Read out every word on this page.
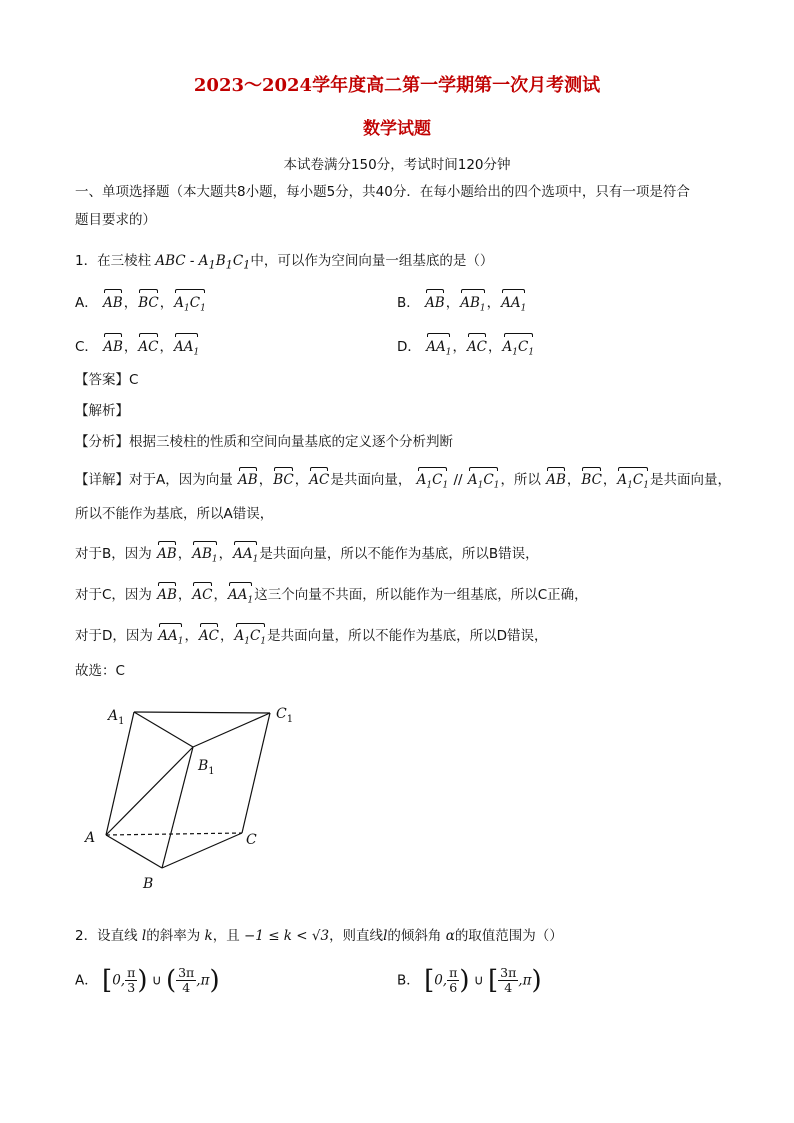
2023～2024学年度高二第一学期第一次月考测试
数学试题
本试卷满分150分，考试时间120分钟
一、单项选择题（本大题共8小题，每小题5分，共40分．在每小题给出的四个选项中，只有一项是符合
题目要求的）
1．在三棱柱 ABC - $A_1B_1C_1$中，可以作为空间向量一组基底的是（）
A． AB，BC，$A_1C_1$	B． AB，$AB_1$，$AA_1$
C． AB，AC，$AA_1$	D． $AA_1$，AC，$A_1C_1$
【答案】C
【解析】
【分析】根据三棱柱的性质和空间向量基底的定义逐个分析判断
【详解】对于A，因为向量 AB，BC，AC是共面向量， $A_1C_1 // A_1C_1$，所以 AB，BC，$A_1C_1$是共面向量，
所以不能作为基底，所以A错误，
对于B，因为 AB，$AB_1$，$AA_1$是共面向量，所以不能作为基底，所以B错误，
对于C，因为 AB，AC，$AA_1$这三个向量不共面，所以能作为一组基底，所以C正确，
对于D，因为 $AA_1$，AC，$A_1C_1$是共面向量，所以不能作为基底，所以D错误，
故选：C
$A_1$	$C_1$
$B_1$
A	C
B
2．设直线 l的斜率为 k，且 −1 ≤ k < √3，则直线l的倾斜角 α的取值范围为（）
A． [0, $\frac{\pi}{3}$ ) ∪ ( $\frac{3\pi}{4} ,\pi$)	B． [0, $\frac{\pi}{6}$ ) ∪ [ $\frac{3\pi}{4} ,\pi$)
